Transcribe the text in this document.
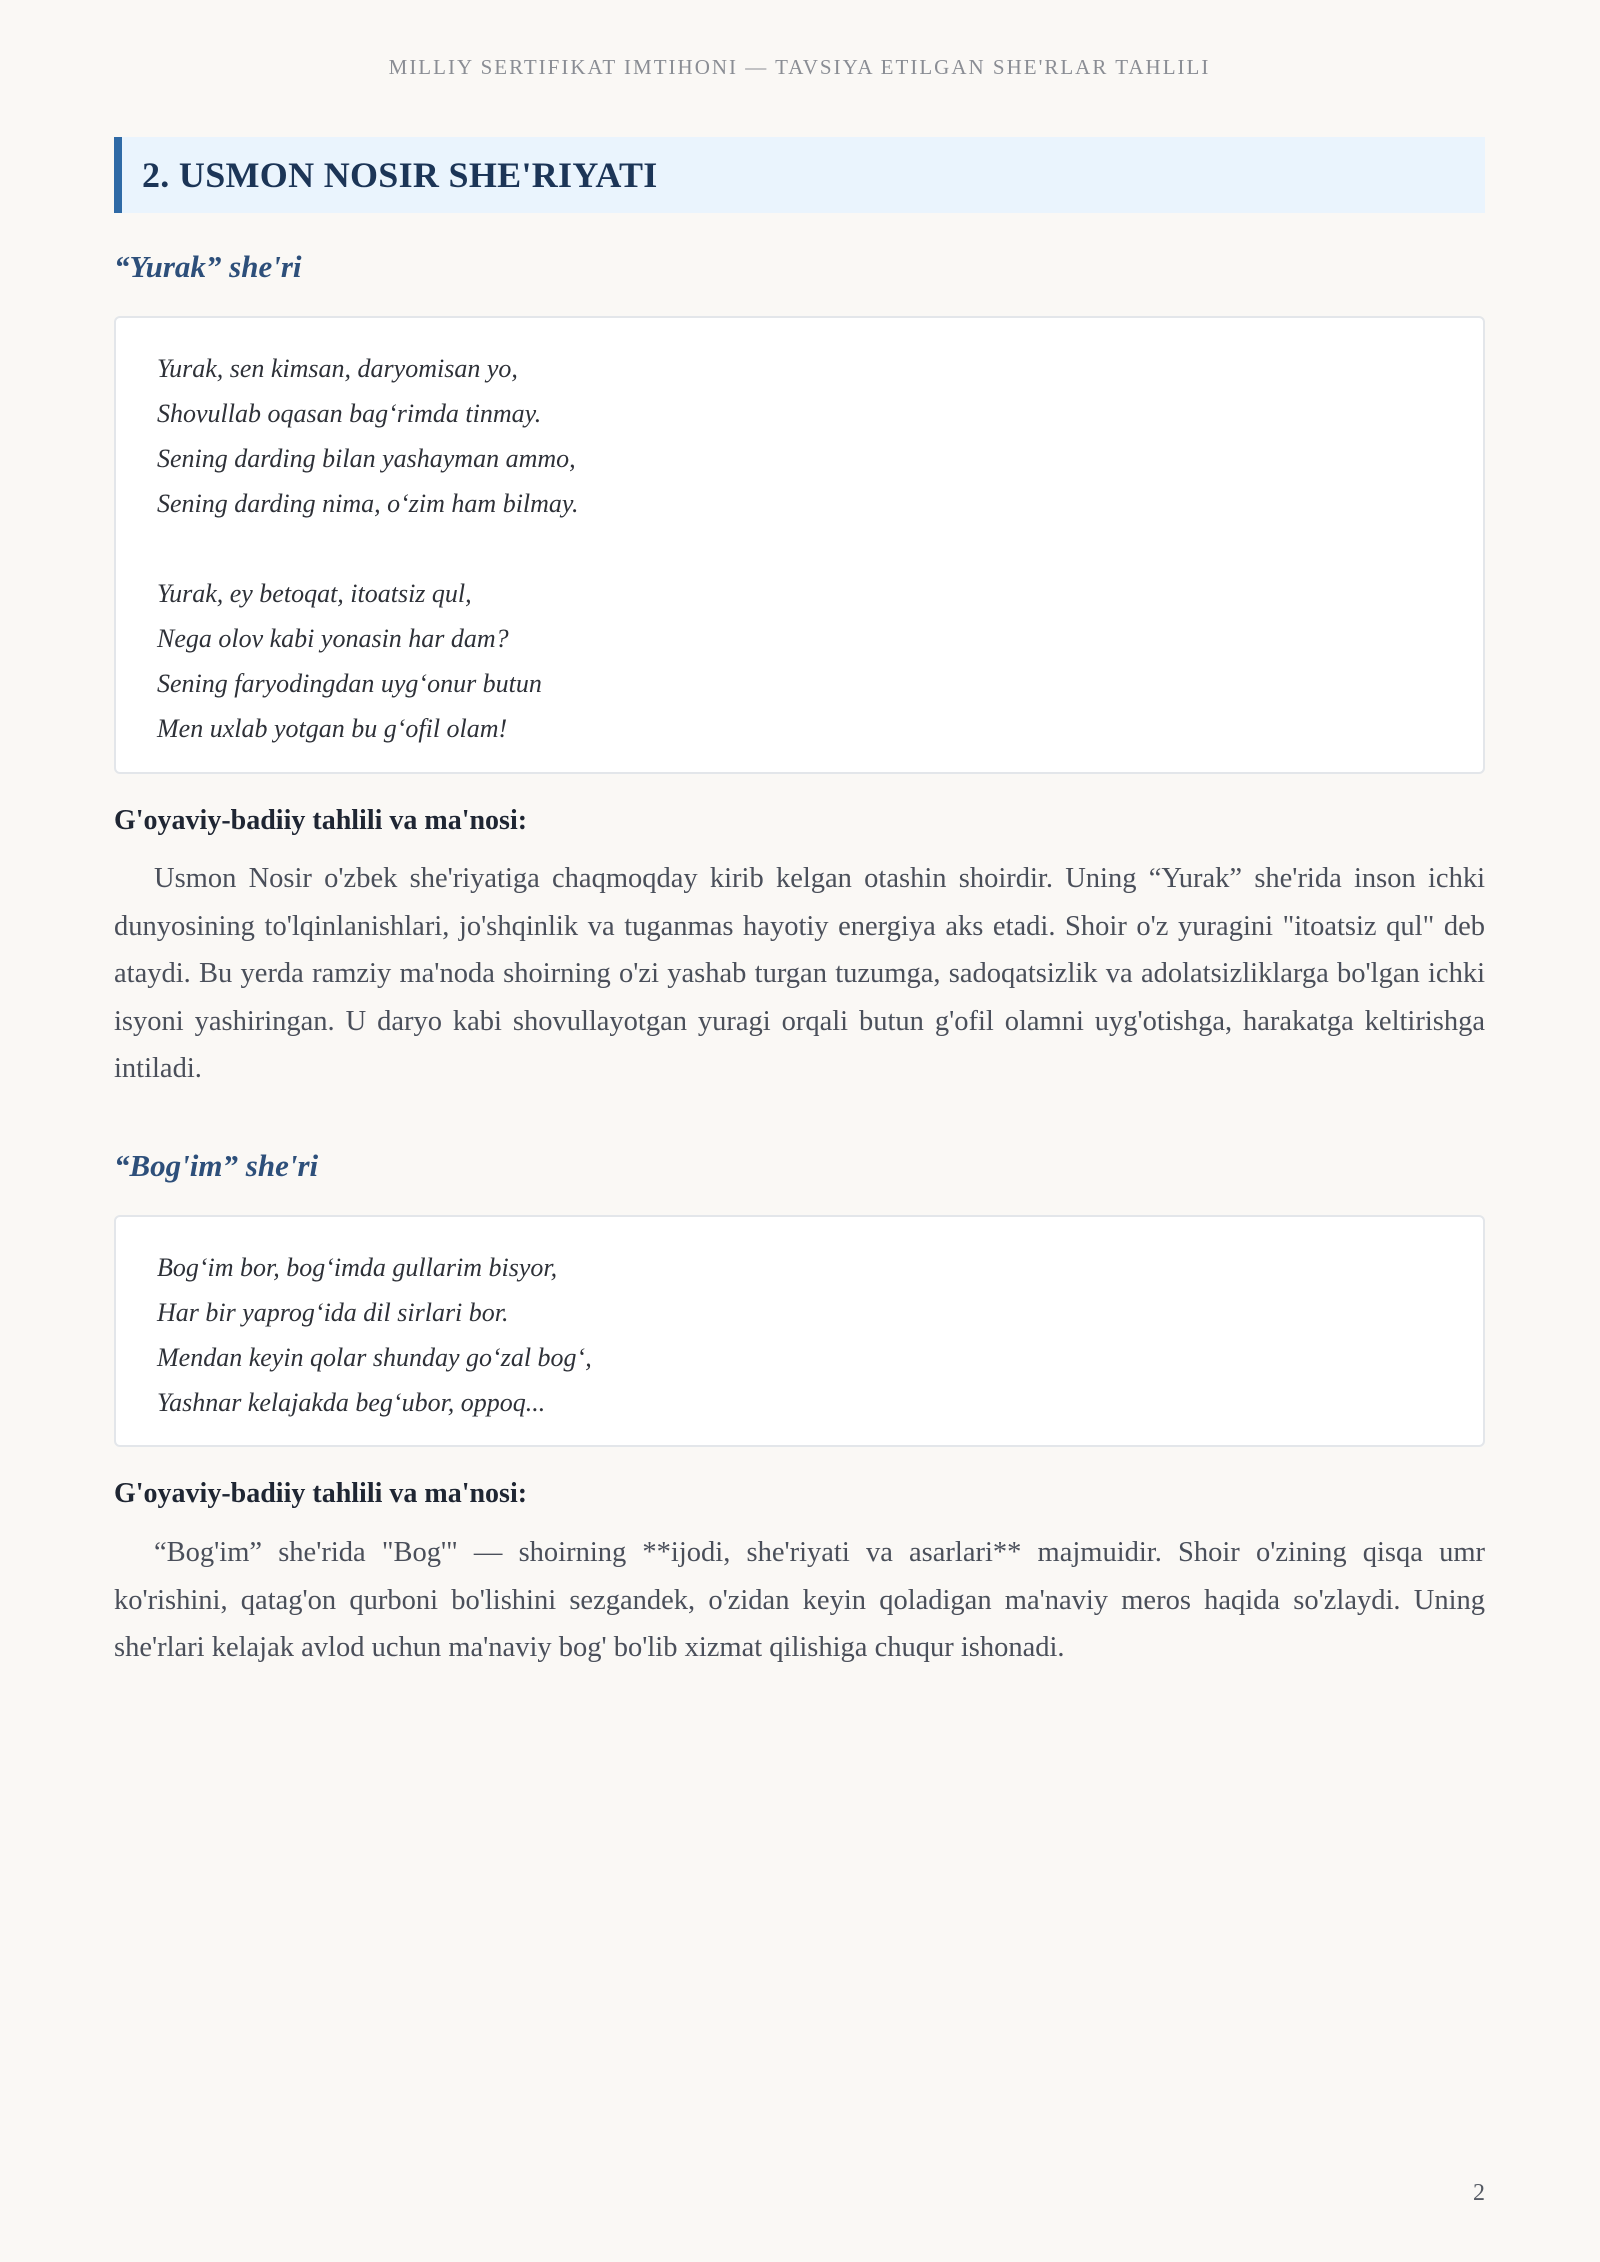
MILLIY SERTIFIKAT IMTIHONI — TAVSIYA ETILGAN SHE'RLAR TAHLILI
2. USMON NOSIR SHE'RIYATI
“Yurak” she'ri
Yurak, sen kimsan, daryomisan yo,
Shovullab oqasan bag‘rimda tinmay.
Sening darding bilan yashayman ammo,
Sening darding nima, o‘zim ham bilmay.
Yurak, ey betoqat, itoatsiz qul,
Nega olov kabi yonasin har dam?
Sening faryodingdan uyg‘onur butun
Men uxlab yotgan bu g‘ofil olam!
G'oyaviy-badiiy tahlili va ma'nosi:

Usmon Nosir o'zbek she'riyatiga chaqmoqday kirib kelgan otashin shoirdir. Uning “Yurak” she'rida inson ichki dunyosining to'lqinlanishlari, jo'shqinlik va tuganmas hayotiy energiya aks etadi. Shoir o'z yuragini "itoatsiz qul" deb ataydi. Bu yerda ramziy ma'noda shoirning o'zi yashab turgan tuzumga, sadoqatsizlik va adolatsizliklarga bo'lgan ichki isyoni yashiringan. U daryo kabi shovullayotgan yuragi orqali butun g'ofil olamni uyg'otishga, harakatga keltirishga intiladi.

“Bog'im” she'ri
Bog‘im bor, bog‘imda gullarim bisyor,
Har bir yaprog‘ida dil sirlari bor.
Mendan keyin qolar shunday go‘zal bog‘,
Yashnar kelajakda beg‘ubor, oppoq...
G'oyaviy-badiiy tahlili va ma'nosi:

“Bog'im” she'rida "Bog'" — shoirning **ijodi, she'riyati va asarlari** majmuidir. Shoir o'zining qisqa umr ko'rishini, qatag'on qurboni bo'lishini sezgandek, o'zidan keyin qoladigan ma'naviy meros haqida so'zlaydi. Uning she'rlari kelajak avlod uchun ma'naviy bog' bo'lib xizmat qilishiga chuqur ishonadi.

2
